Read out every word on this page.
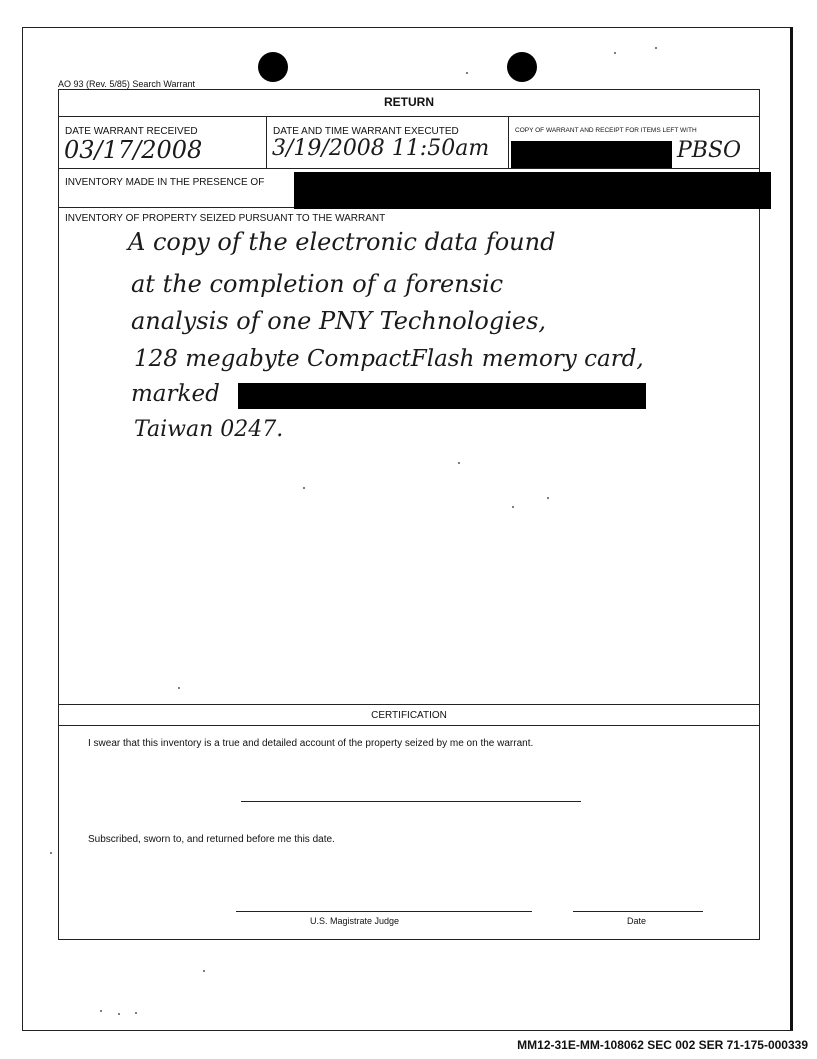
AO 93 (Rev. 5/85) Search Warrant
RETURN
DATE WARRANT RECEIVED
03/17/2008
DATE AND TIME WARRANT EXECUTED
3/19/2008 11:50am
COPY OF WARRANT AND RECEIPT FOR ITEMS LEFT WITH
PBSO
INVENTORY MADE IN THE PRESENCE OF
INVENTORY OF PROPERTY SEIZED PURSUANT TO THE WARRANT
A copy of the electronic data found
at the completion of a forensic
analysis of one PNY Technologies,
128 megabyte CompactFlash memory card,
marked
Taiwan 0247.
CERTIFICATION
I swear that this inventory is a true and detailed account of the property seized by me on the warrant.
Subscribed, sworn to, and returned before me this date.
U.S. Magistrate Judge	Date
MM12-31E-MM-108062 SEC 002 SER 71-175-000339
